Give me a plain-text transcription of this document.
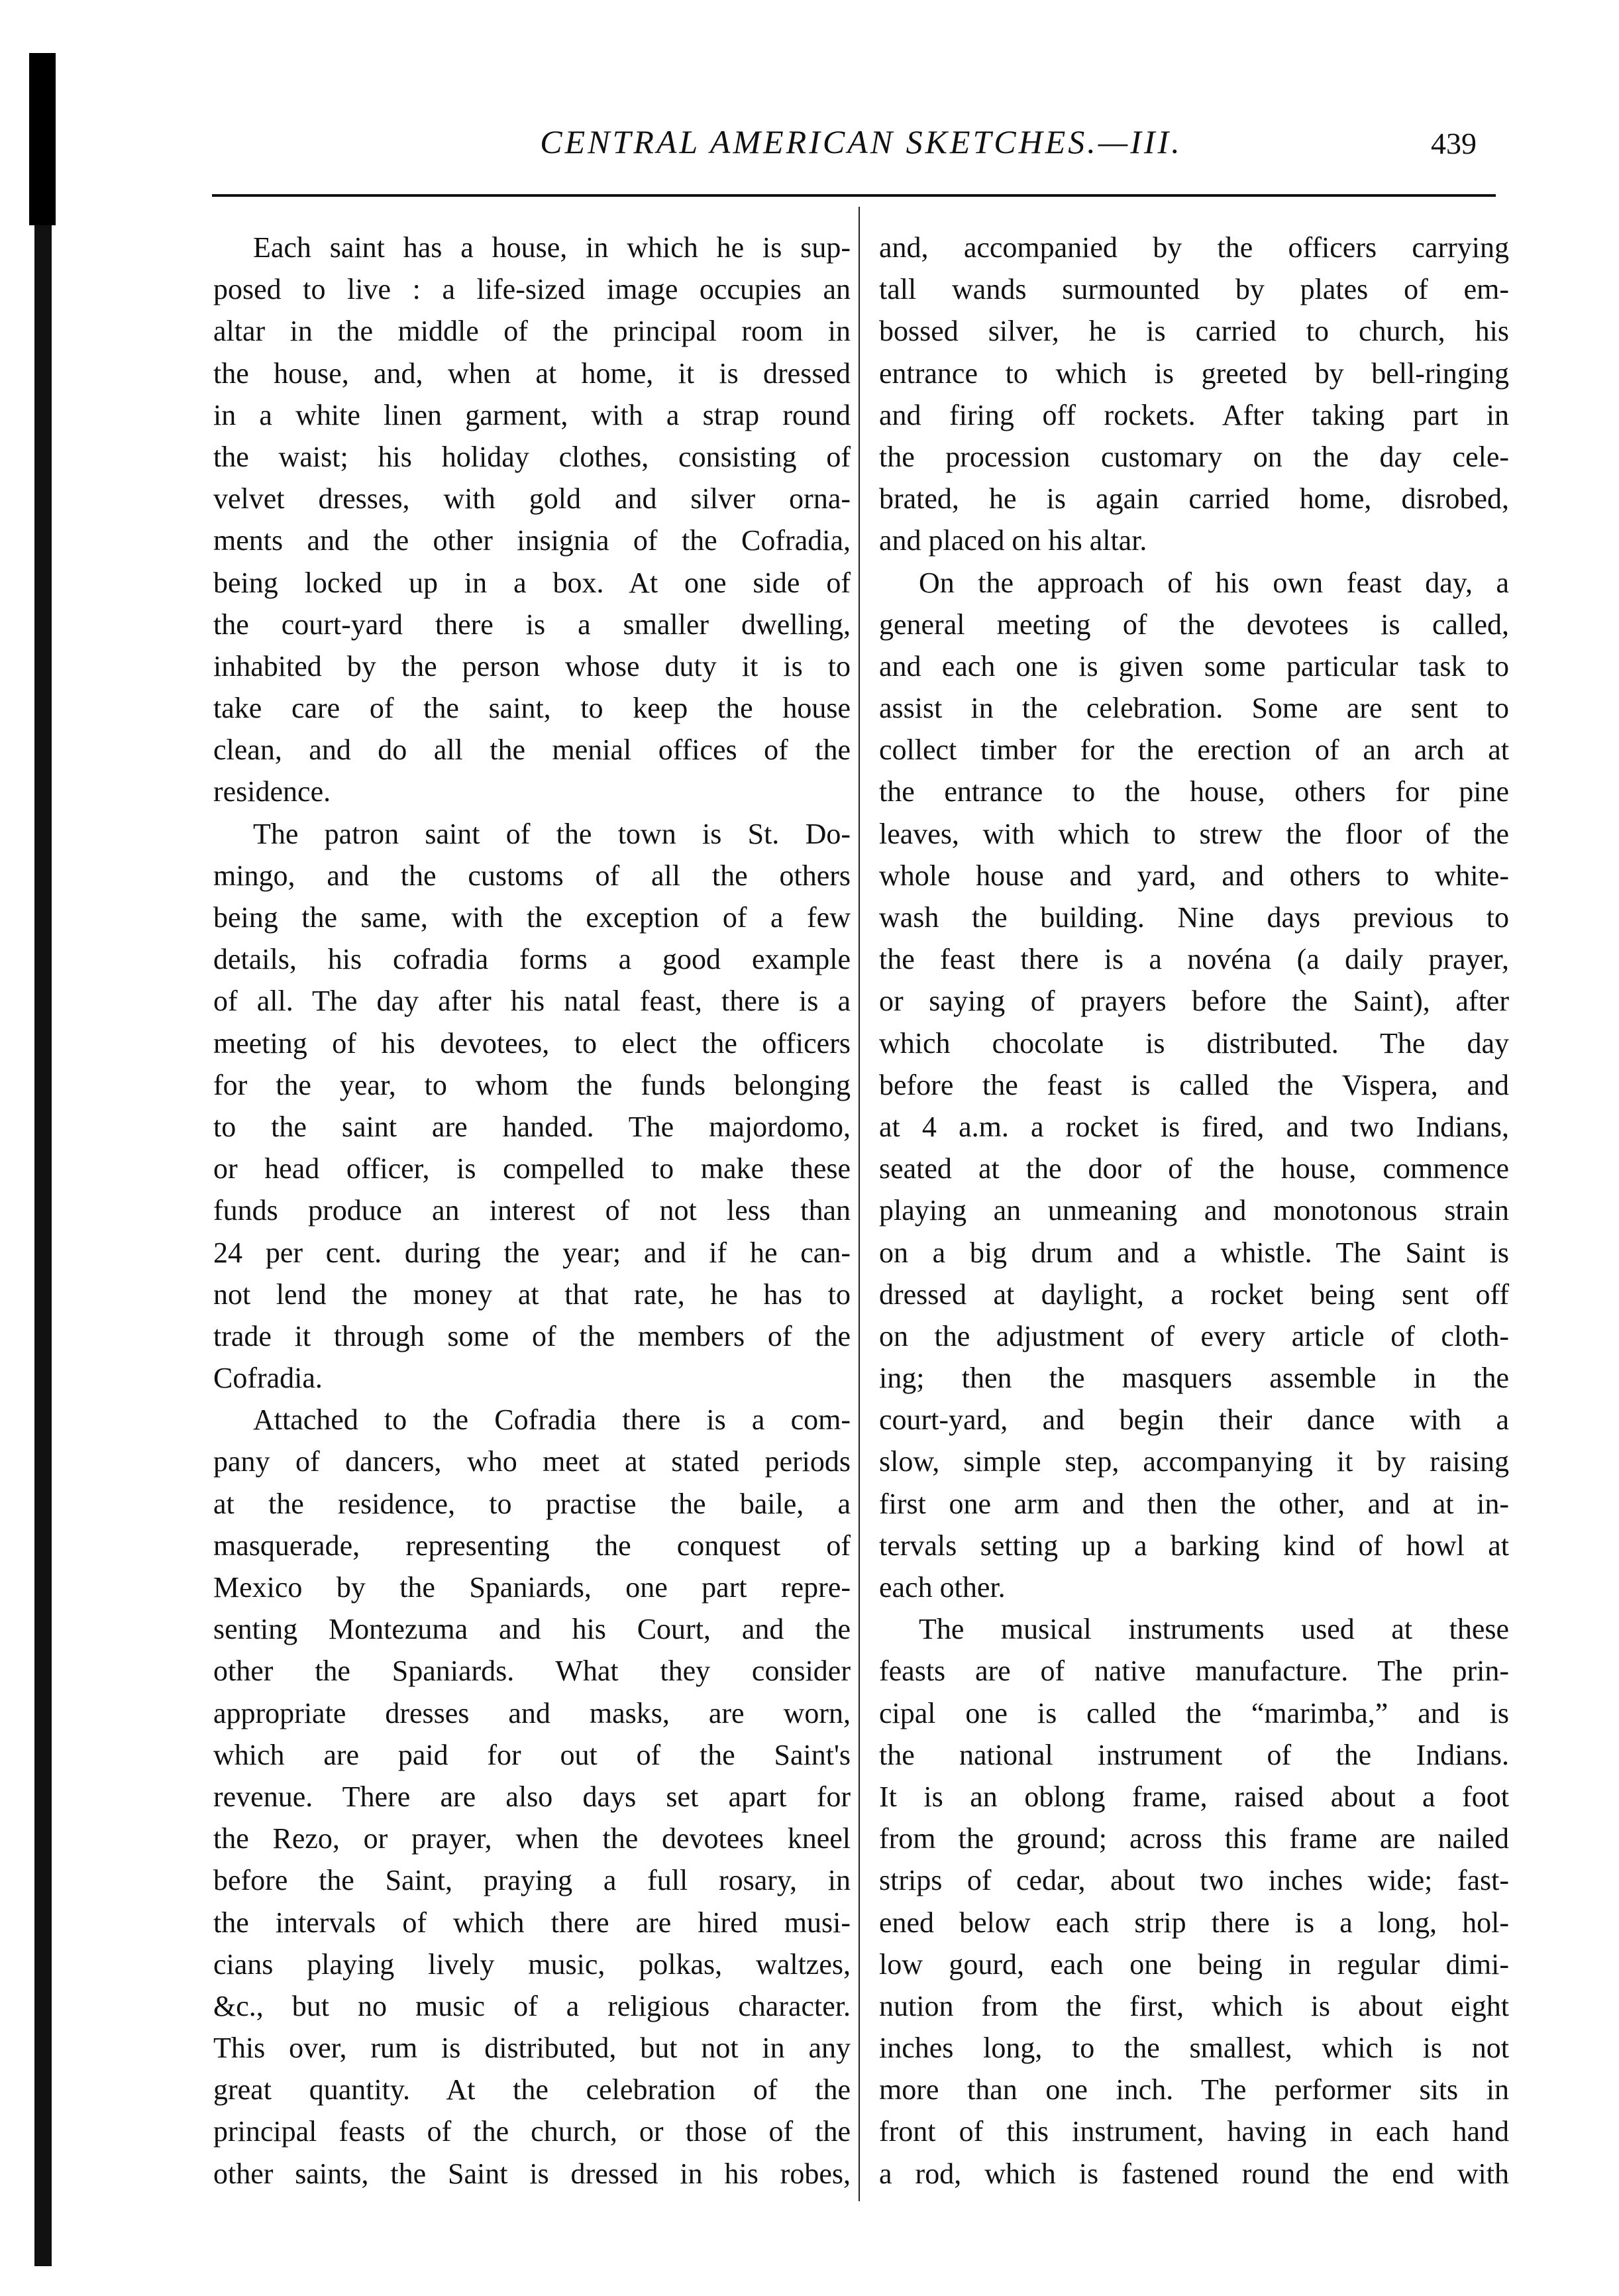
CENTRAL AMERICAN SKETCHES.—III.	439
Each saint has a house, in which he is sup-
posed to live : a life-sized image occupies an
altar in the middle of the principal room in
the house, and, when at home, it is dressed
in a white linen garment, with a strap round
the waist; his holiday clothes, consisting of
velvet dresses, with gold and silver orna-
ments and the other insignia of the Cofradia,
being locked up in a box. At one side of
the court-yard there is a smaller dwelling,
inhabited by the person whose duty it is to
take care of the saint, to keep the house
clean, and do all the menial offices of the
residence.
The patron saint of the town is St. Do-
mingo, and the customs of all the others
being the same, with the exception of a few
details, his cofradia forms a good example
of all. The day after his natal feast, there is a
meeting of his devotees, to elect the officers
for the year, to whom the funds belonging
to the saint are handed. The majordomo,
or head officer, is compelled to make these
funds produce an interest of not less than
24 per cent. during the year; and if he can-
not lend the money at that rate, he has to
trade it through some of the members of the
Cofradia.
Attached to the Cofradia there is a com-
pany of dancers, who meet at stated periods
at the residence, to practise the baile, a
masquerade, representing the conquest of
Mexico by the Spaniards, one part repre-
senting Montezuma and his Court, and the
other the Spaniards. What they consider
appropriate dresses and masks, are worn,
which are paid for out of the Saint's
revenue. There are also days set apart for
the Rezo, or prayer, when the devotees kneel
before the Saint, praying a full rosary, in
the intervals of which there are hired musi-
cians playing lively music, polkas, waltzes,
&c., but no music of a religious character.
This over, rum is distributed, but not in any
great quantity. At the celebration of the
principal feasts of the church, or those of the
other saints, the Saint is dressed in his robes,
and, accompanied by the officers carrying
tall wands surmounted by plates of em-
bossed silver, he is carried to church, his
entrance to which is greeted by bell-ringing
and firing off rockets. After taking part in
the procession customary on the day cele-
brated, he is again carried home, disrobed,
and placed on his altar.
On the approach of his own feast day, a
general meeting of the devotees is called,
and each one is given some particular task to
assist in the celebration. Some are sent to
collect timber for the erection of an arch at
the entrance to the house, others for pine
leaves, with which to strew the floor of the
whole house and yard, and others to white-
wash the building. Nine days previous to
the feast there is a novéna (a daily prayer,
or saying of prayers before the Saint), after
which chocolate is distributed. The day
before the feast is called the Vispera, and
at 4 a.m. a rocket is fired, and two Indians,
seated at the door of the house, commence
playing an unmeaning and monotonous strain
on a big drum and a whistle. The Saint is
dressed at daylight, a rocket being sent off
on the adjustment of every article of cloth-
ing; then the masquers assemble in the
court-yard, and begin their dance with a
slow, simple step, accompanying it by raising
first one arm and then the other, and at in-
tervals setting up a barking kind of howl at
each other.
The musical instruments used at these
feasts are of native manufacture. The prin-
cipal one is called the “marimba,” and is
the national instrument of the Indians.
It is an oblong frame, raised about a foot
from the ground; across this frame are nailed
strips of cedar, about two inches wide; fast-
ened below each strip there is a long, hol-
low gourd, each one being in regular dimi-
nution from the first, which is about eight
inches long, to the smallest, which is not
more than one inch. The performer sits in
front of this instrument, having in each hand
a rod, which is fastened round the end with
